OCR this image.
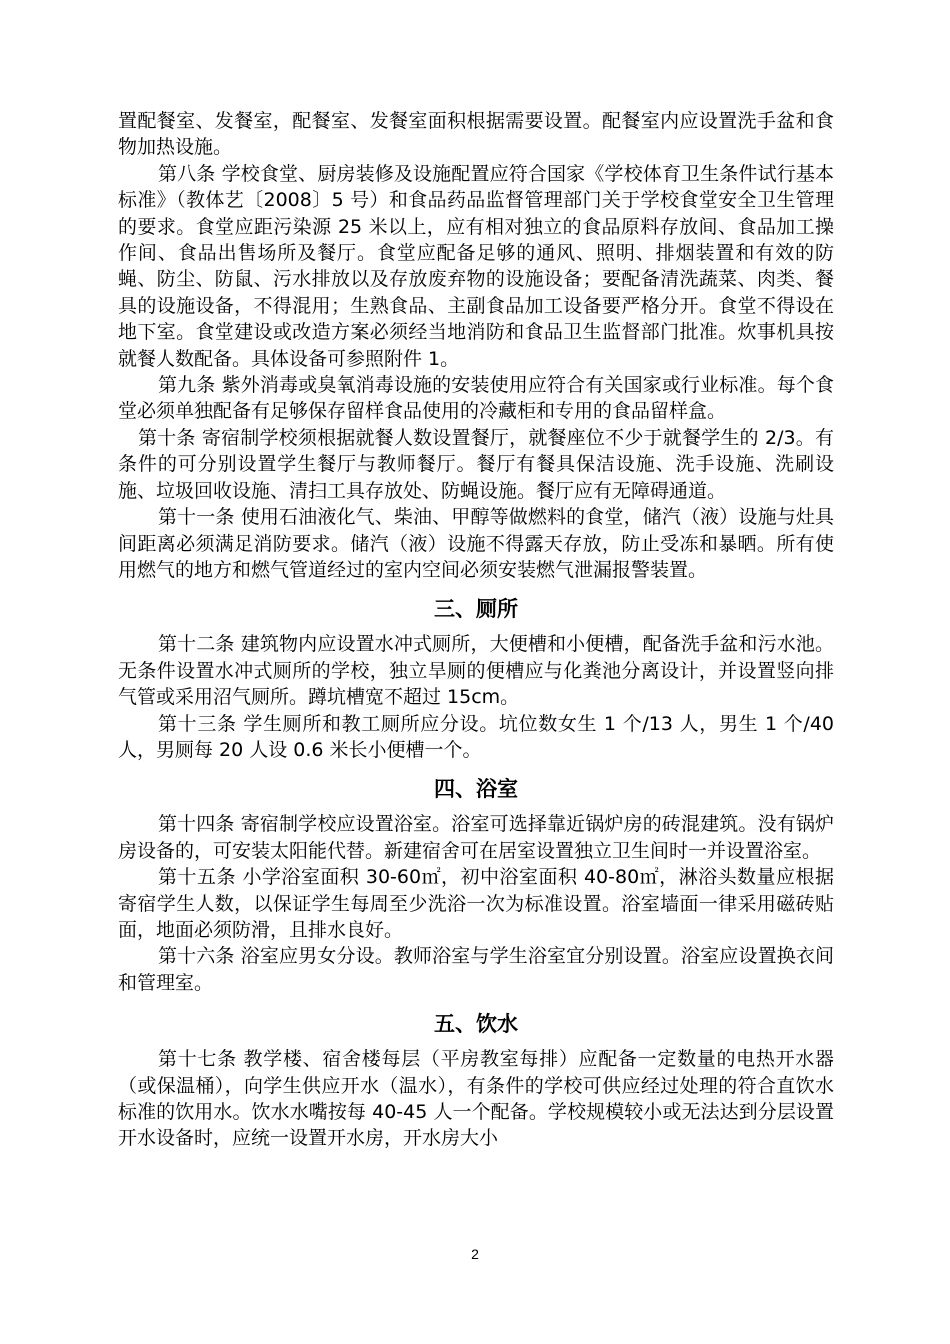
置配餐室、发餐室，配餐室、发餐室面积根据需要设置。配餐室内应设置洗手盆和食物加热设施。

第八条 学校食堂、厨房装修及设施配置应符合国家《学校体育卫生条件试行基本标准》（教体艺〔2008〕5 号）和食品药品监督管理部门关于学校食堂安全卫生管理的要求。食堂应距污染源 25 米以上，应有相对独立的食品原料存放间、食品加工操作间、食品出售场所及餐厅。食堂应配备足够的通风、照明、排烟装置和有效的防蝇、防尘、防鼠、污水排放以及存放废弃物的设施设备；要配备清洗蔬菜、肉类、餐具的设施设备，不得混用；生熟食品、主副食品加工设备要严格分开。食堂不得设在地下室。食堂建设或改造方案必须经当地消防和食品卫生监督部门批准。炊事机具按就餐人数配备。具体设备可参照附件 1。

第九条 紫外消毒或臭氧消毒设施的安装使用应符合有关国家或行业标准。每个食堂必须单独配备有足够保存留样食品使用的冷藏柜和专用的食品留样盒。

第十条 寄宿制学校须根据就餐人数设置餐厅，就餐座位不少于就餐学生的 2/3。有条件的可分别设置学生餐厅与教师餐厅。餐厅有餐具保洁设施、洗手设施、洗刷设施、垃圾回收设施、清扫工具存放处、防蝇设施。餐厅应有无障碍通道。

第十一条 使用石油液化气、柴油、甲醇等做燃料的食堂，储汽（液）设施与灶具间距离必须满足消防要求。储汽（液）设施不得露天存放，防止受冻和暴晒。所有使用燃气的地方和燃气管道经过的室内空间必须安装燃气泄漏报警装置。

三、厕所

第十二条 建筑物内应设置水冲式厕所，大便槽和小便槽，配备洗手盆和污水池。无条件设置水冲式厕所的学校，独立旱厕的便槽应与化粪池分离设计，并设置竖向排气管或采用沼气厕所。蹲坑槽宽不超过 15cm。

第十三条 学生厕所和教工厕所应分设。坑位数女生 1 个/13 人，男生 1 个/40 人，男厕每 20 人设 0.6 米长小便槽一个。

四、浴室

第十四条 寄宿制学校应设置浴室。浴室可选择靠近锅炉房的砖混建筑。没有锅炉房设备的，可安装太阳能代替。新建宿舍可在居室设置独立卫生间时一并设置浴室。

第十五条 小学浴室面积 30-60㎡，初中浴室面积 40-80㎡，淋浴头数量应根据寄宿学生人数，以保证学生每周至少洗浴一次为标准设置。浴室墙面一律采用磁砖贴面，地面必须防滑，且排水良好。

第十六条 浴室应男女分设。教师浴室与学生浴室宜分别设置。浴室应设置换衣间和管理室。

五、饮水

第十七条 教学楼、宿舍楼每层（平房教室每排）应配备一定数量的电热开水器（或保温桶），向学生供应开水（温水），有条件的学校可供应经过处理的符合直饮水标准的饮用水。饮水水嘴按每 40-45 人一个配备。学校规模较小或无法达到分层设置开水设备时，应统一设置开水房，开水房大小

2
